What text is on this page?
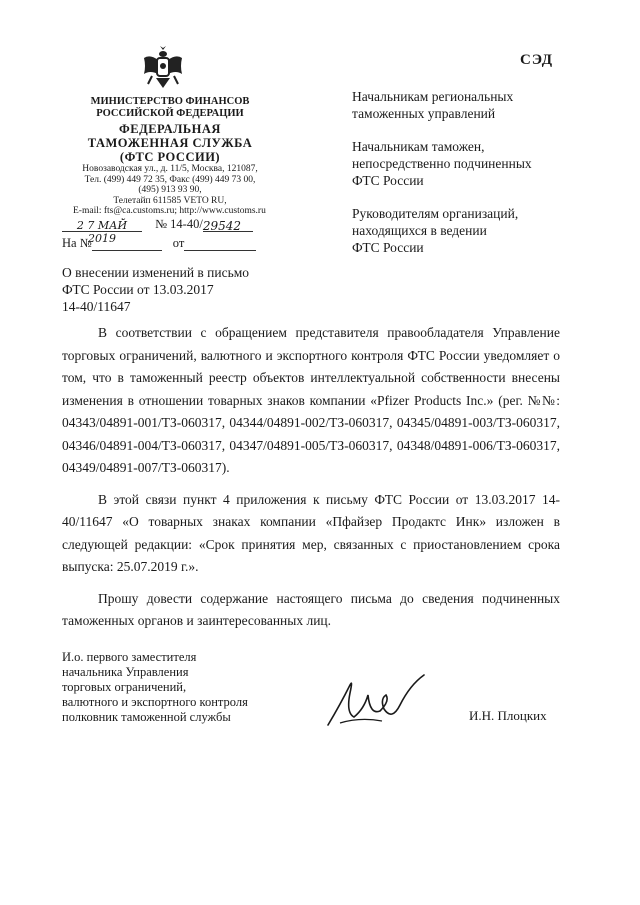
СЭД
МИНИСТЕРСТВО ФИНАНСОВ
РОССИЙСКОЙ ФЕДЕРАЦИИ
ФЕДЕРАЛЬНАЯ
ТАМОЖЕННАЯ СЛУЖБА
(ФТС РОССИИ)
Новозаводская ул., д. 11/5, Москва, 121087,
Тел. (499) 449 72 35, Факс (499) 449 73 00,
(495) 913 93 90,
Телетайп 611585 VETO RU,
E-mail: fts@ca.customs.ru; http://www.customs.ru
2 7 МАЙ 2019 № 14-40/29542
На №	от
Начальникам региональных
таможенных управлений
Начальникам таможен,
непосредственно подчиненных
ФТС России
Руководителям организаций,
находящихся в ведении
ФТС России
О внесении изменений в письмо
ФТС России от 13.03.2017
14-40/11647

В соответствии с обращением представителя правообладателя Управление торговых ограничений, валютного и экспортного контроля ФТС России уведомляет о том, что в таможенный реестр объектов интеллектуальной собственности внесены изменения в отношении товарных знаков компании «Pfizer Products Inc.» (рег. №№: 04343/04891-001/ТЗ-060317, 04344/04891-002/ТЗ-060317, 04345/04891-003/ТЗ-060317, 04346/04891-004/ТЗ-060317, 04347/04891-005/ТЗ-060317, 04348/04891-006/ТЗ-060317, 04349/04891-007/ТЗ-060317).

В этой связи пункт 4 приложения к письму ФТС России от 13.03.2017 14-40/11647 «О товарных знаках компании «Пфайзер Продактс Инк» изложен в следующей редакции: «Срок принятия мер, связанных с приостановлением срока выпуска: 25.07.2019 г.».

Прошу довести содержание настоящего письма до сведения подчиненных таможенных органов и заинтересованных лиц.

И.о. первого заместителя
начальника Управления
торговых ограничений,
валютного и экспортного контроля
полковник таможенной службы	И.Н. Плоцких
